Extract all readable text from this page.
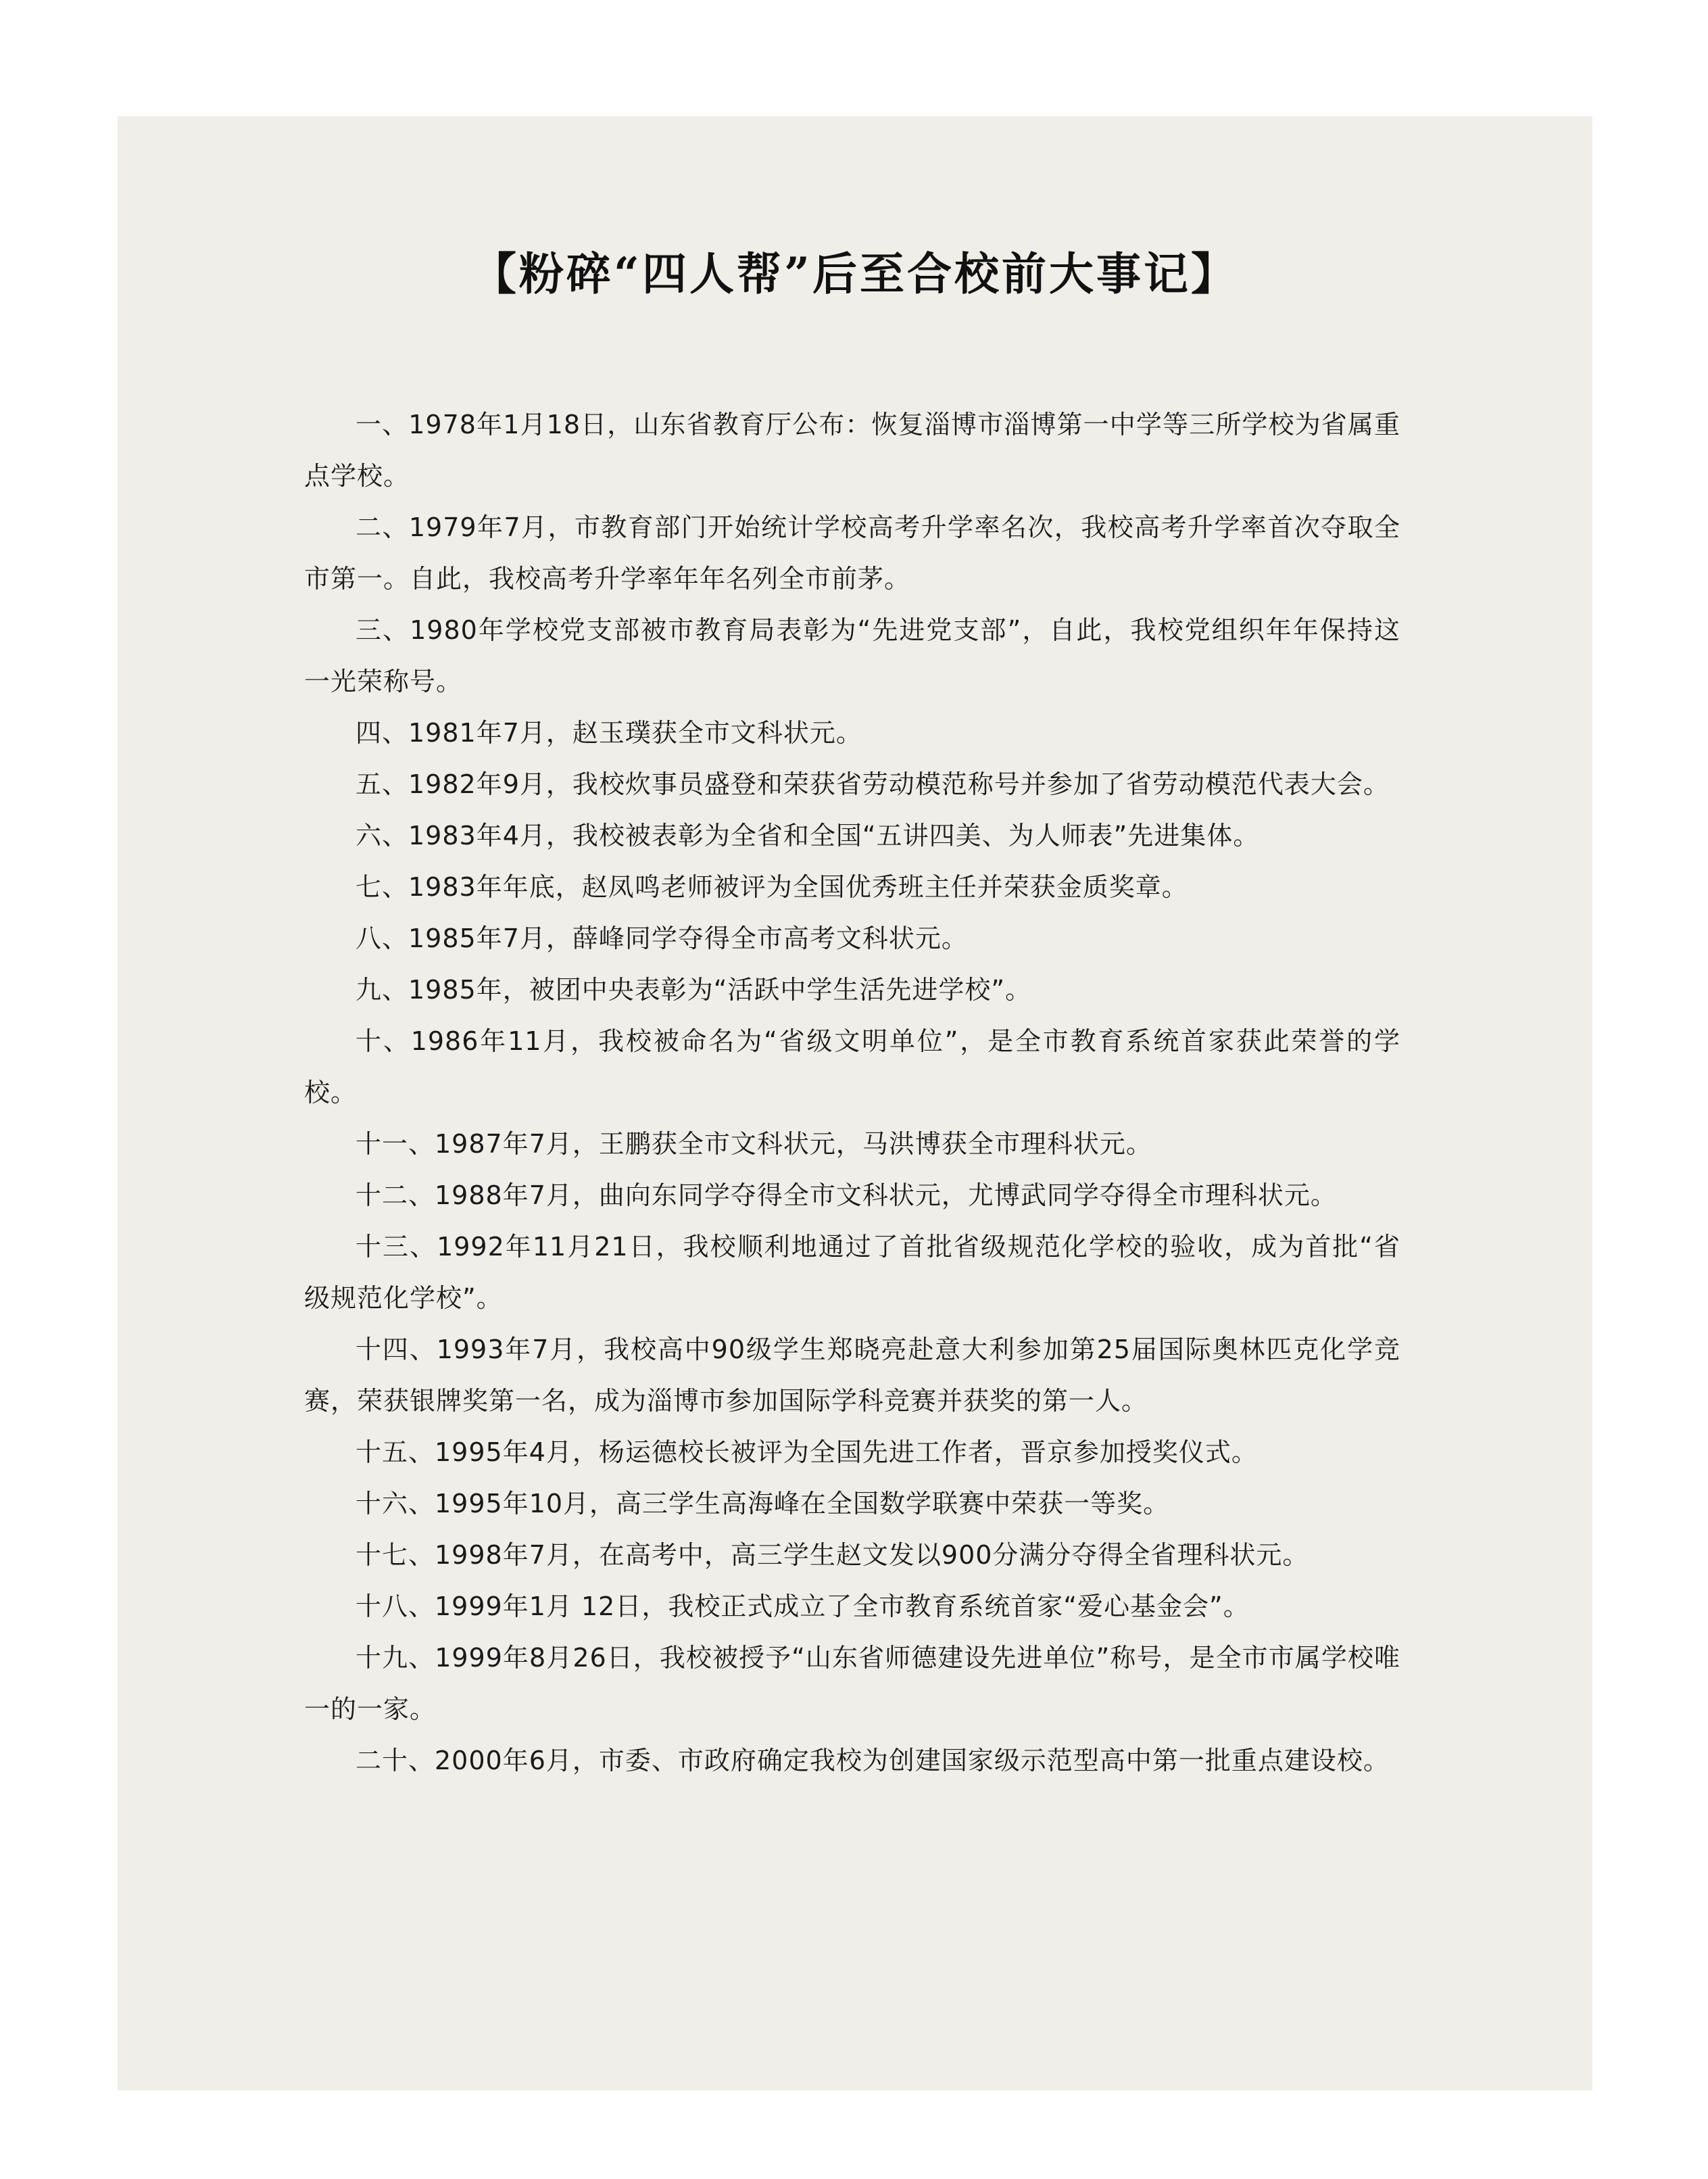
【粉碎“四人帮”后至合校前大事记】

一、1978年1月18日，山东省教育厅公布：恢复淄博市淄博第一中学等三所学校为省属重点学校。

二、1979年7月，市教育部门开始统计学校高考升学率名次，我校高考升学率首次夺取全市第一。自此，我校高考升学率年年名列全市前茅。

三、1980年学校党支部被市教育局表彰为“先进党支部”，自此，我校党组织年年保持这一光荣称号。

四、1981年7月，赵玉璞获全市文科状元。

五、1982年9月，我校炊事员盛登和荣获省劳动模范称号并参加了省劳动模范代表大会。

六、1983年4月，我校被表彰为全省和全国“五讲四美、为人师表”先进集体。

七、1983年年底，赵凤鸣老师被评为全国优秀班主任并荣获金质奖章。

八、1985年7月，薛峰同学夺得全市高考文科状元。

九、1985年，被团中央表彰为“活跃中学生活先进学校”。

十、1986年11月，我校被命名为“省级文明单位”，是全市教育系统首家获此荣誉的学校。

十一、1987年7月，王鹏获全市文科状元，马洪博获全市理科状元。

十二、1988年7月，曲向东同学夺得全市文科状元，尤博武同学夺得全市理科状元。

十三、1992年11月21日，我校顺利地通过了首批省级规范化学校的验收，成为首批“省级规范化学校”。

十四、1993年7月，我校高中90级学生郑晓亮赴意大利参加第25届国际奥林匹克化学竞赛，荣获银牌奖第一名，成为淄博市参加国际学科竞赛并获奖的第一人。

十五、1995年4月，杨运德校长被评为全国先进工作者，晋京参加授奖仪式。

十六、1995年10月，高三学生高海峰在全国数学联赛中荣获一等奖。

十七、1998年7月，在高考中，高三学生赵文发以900分满分夺得全省理科状元。

十八、1999年1月 12日，我校正式成立了全市教育系统首家“爱心基金会”。

十九、1999年8月26日，我校被授予“山东省师德建设先进单位”称号，是全市市属学校唯一的一家。

二十、2000年6月，市委、市政府确定我校为创建国家级示范型高中第一批重点建设校。
